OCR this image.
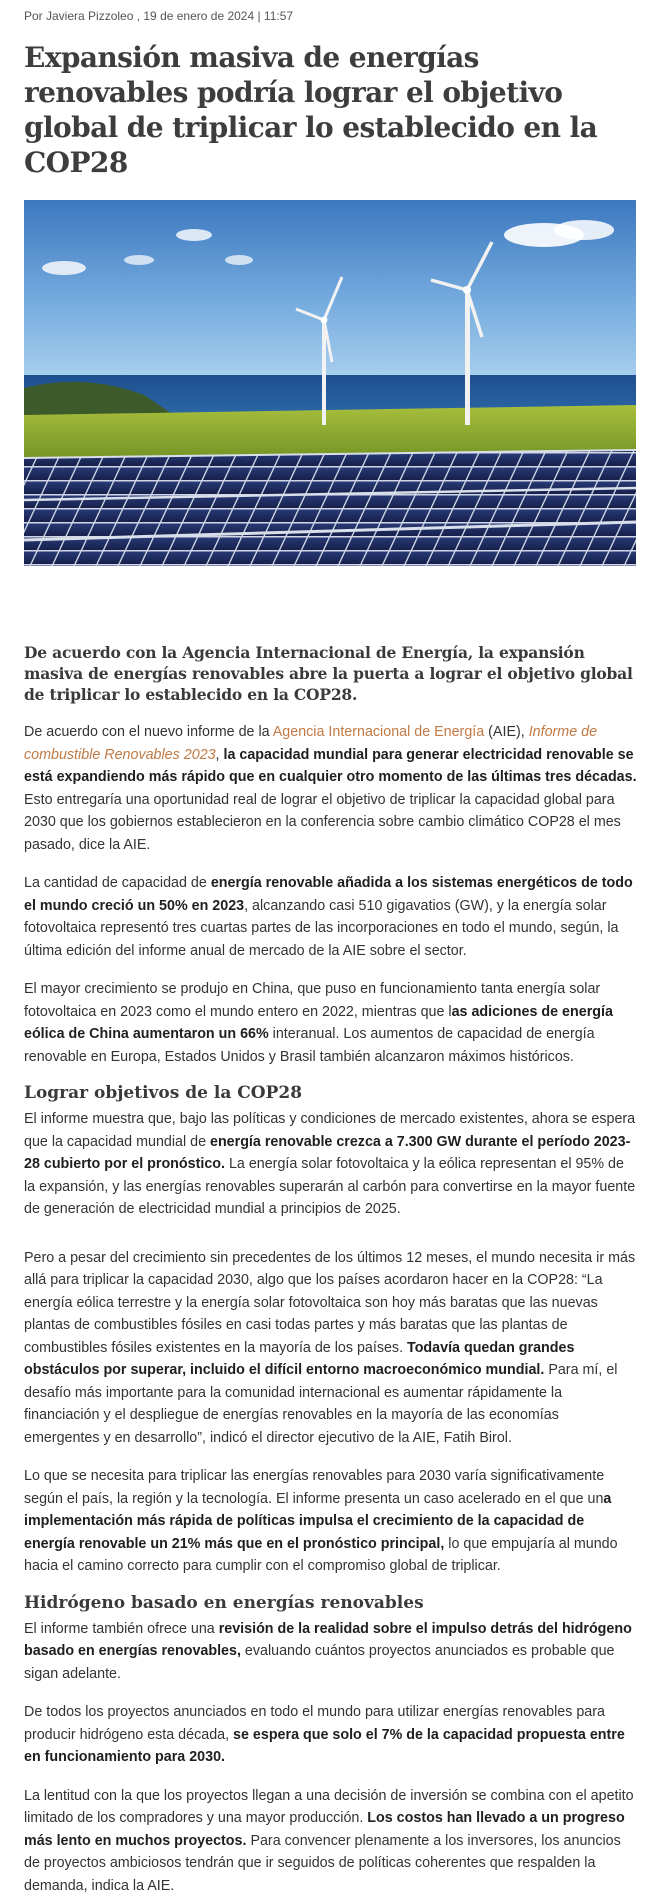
Por Javiera Pizzoleo , 19 de enero de 2024 | 11:57

Expansión masiva de energías renovables podría lograr el objetivo global de triplicar lo establecido en la COP28

De acuerdo con la Agencia Internacional de Energía, la expansión masiva de energías renovables abre la puerta a lograr el objetivo global de triplicar lo establecido en la COP28.

De acuerdo con el nuevo informe de la Agencia Internacional de Energía (AIE), Informe de combustible Renovables 2023, la capacidad mundial para generar electricidad renovable se está expandiendo más rápido que en cualquier otro momento de las últimas tres décadas. Esto entregaría una oportunidad real de lograr el objetivo de triplicar la capacidad global para 2030 que los gobiernos establecieron en la conferencia sobre cambio climático COP28 el mes pasado, dice la AIE.

La cantidad de capacidad de energía renovable añadida a los sistemas energéticos de todo el mundo creció un 50% en 2023, alcanzando casi 510 gigavatios (GW), y la energía solar fotovoltaica representó tres cuartas partes de las incorporaciones en todo el mundo, según, la última edición del informe anual de mercado de la AIE sobre el sector.

El mayor crecimiento se produjo en China, que puso en funcionamiento tanta energía solar fotovoltaica en 2023 como el mundo entero en 2022, mientras que las adiciones de energía eólica de China aumentaron un 66% interanual. Los aumentos de capacidad de energía renovable en Europa, Estados Unidos y Brasil también alcanzaron máximos históricos.

Lograr objetivos de la COP28

El informe muestra que, bajo las políticas y condiciones de mercado existentes, ahora se espera que la capacidad mundial de energía renovable crezca a 7.300 GW durante el período 2023-28 cubierto por el pronóstico. La energía solar fotovoltaica y la eólica representan el 95% de la expansión, y las energías renovables superarán al carbón para convertirse en la mayor fuente de generación de electricidad mundial a principios de 2025.

Pero a pesar del crecimiento sin precedentes de los últimos 12 meses, el mundo necesita ir más allá para triplicar la capacidad 2030, algo que los países acordaron hacer en la COP28: “La energía eólica terrestre y la energía solar fotovoltaica son hoy más baratas que las nuevas plantas de combustibles fósiles en casi todas partes y más baratas que las plantas de combustibles fósiles existentes en la mayoría de los países. Todavía quedan grandes obstáculos por superar, incluido el difícil entorno macroeconómico mundial. Para mí, el desafío más importante para la comunidad internacional es aumentar rápidamente la financiación y el despliegue de energías renovables en la mayoría de las economías emergentes y en desarrollo”, indicó el director ejecutivo de la AIE, Fatih Birol.

Lo que se necesita para triplicar las energías renovables para 2030 varía significativamente según el país, la región y la tecnología. El informe presenta un caso acelerado en el que una implementación más rápida de políticas impulsa el crecimiento de la capacidad de energía renovable un 21% más que en el pronóstico principal, lo que empujaría al mundo hacia el camino correcto para cumplir con el compromiso global de triplicar.

Hidrógeno basado en energías renovables

El informe también ofrece una revisión de la realidad sobre el impulso detrás del hidrógeno basado en energías renovables, evaluando cuántos proyectos anunciados es probable que sigan adelante.

De todos los proyectos anunciados en todo el mundo para utilizar energías renovables para producir hidrógeno esta década, se espera que solo el 7% de la capacidad propuesta entre en funcionamiento para 2030.

La lentitud con la que los proyectos llegan a una decisión de inversión se combina con el apetito limitado de los compradores y una mayor producción. Los costos han llevado a un progreso más lento en muchos proyectos. Para convencer plenamente a los inversores, los anuncios de proyectos ambiciosos tendrán que ir seguidos de políticas coherentes que respalden la demanda, indica la AIE.
